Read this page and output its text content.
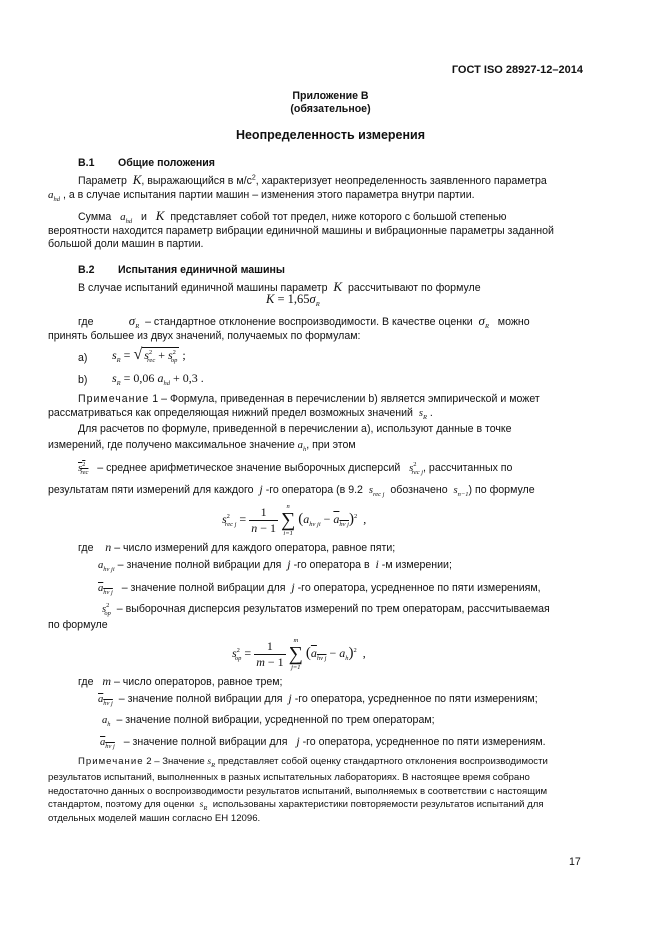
ГОСТ ISO 28927-12–2014
Приложение В
(обязательное)
Неопределенность измерения
В.1 Общие положения
Параметр K, выражающийся в $м/с^2$, характеризует неопределенность заявленного параметра
$a_{hd}$ , а в случае испытания партии машин – изменения этого параметра внутри партии.
Сумма $a_{hd}$ и K представляет собой тот предел, ниже которого с большой степенью
вероятности находится параметр вибрации единичной машины и вибрационные параметры заданной
большой доли машин в партии.
В.2 Испытания единичной машины
В случае испытаний единичной машины параметр K рассчитывают по формуле
$K = 1,65\sigma_R$
где	$\sigma_R$ – стандартное отклонение воспроизводимости. В качестве оценки $\sigma_R$ можно
принять большее из двух значений, получаемых по формулам:
а) $s_R$ = √ $s^2_{rec} + s^2_{op}$ ;
b) $s_R = 0,06$ $a_{hd} + 0,3$ .
Примечание 1 – Формула, приведенная в перечислении b) является эмпирической и может
рассматриваться как определяющая нижний предел возможных значений $s_R$ .
Для расчетов по формуле, приведенной в перечислении а), используют данные в точке
измерений, где получено максимальное значение $a_h$, при этом
$s^2_{rec}$ – среднее арифметическое значение выборочных дисперсий $s^2_{rec j}$, рассчитанных по
результатам пяти измерений для каждого j -го оператора (в 9.2 $s_{rec j}$ обозначено $s_{n-1}$) по формуле
$s^2_{rec j} = \frac{1}{n - 1}$
	n
∑
i=1
$(a_{hv ji} - a_{hv j})^2$  ,
где n – число измерений для каждого оператора, равное пяти;
$a_{hv ji}$ – значение полной вибрации для j -го оператора в i -м измерении;
$a_{hv j}$ – значение полной вибрации для j -го оператора, усредненное по пяти измерениям,
$s^2_{op}$ – выборочная дисперсия результатов измерений по трем операторам, рассчитываемая
по формуле
$s^2_{op} = \frac{1}{m - 1}$
	m
∑
j=1
$(a_{hv j} - a_h)^2$  ,
где m – число операторов, равное трем;
$a_{hv j}$ – значение полной вибрации для j -го оператора, усредненное по пяти измерениям;
$a_h$ – значение полной вибрации, усредненной по трем операторам;
$a_{hv j}$ – значение полной вибрации для j -го оператора, усредненное по пяти измерениям.
Примечание 2 – Значение $s_R$ представляет собой оценку стандартного отклонения воспроизводимости
результатов испытаний, выполненных в разных испытательных лабораториях. В настоящее время собрано
недостаточно данных о воспроизводимости результатов испытаний, выполняемых в соответствии с настоящим
стандартом, поэтому для оценки $s_R$ использованы характеристики повторяемости результатов испытаний для
отдельных моделей машин согласно ЕН 12096.
17
